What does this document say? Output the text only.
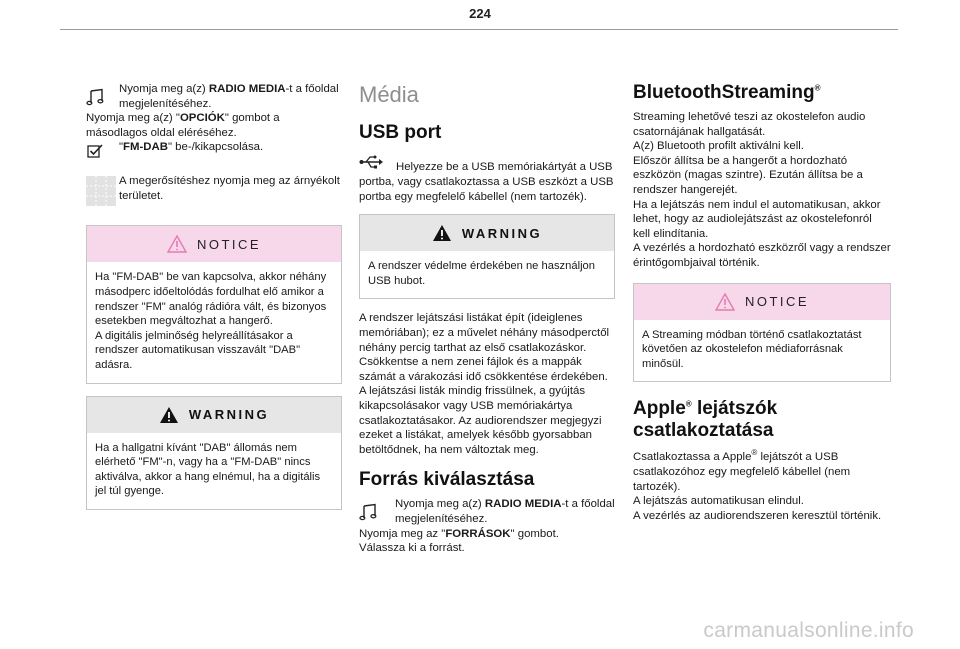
224
Nyomja meg a(z) RADIO MEDIA-t a főoldal megjelenítéséhez.
Nyomja meg a(z) "OPCIÓK" gombot a másodlagos oldal eléréséhez.
"FM-DAB" be-/kikapcsolása.
A megerősítéshez nyomja meg az árnyékolt területet.
NOTICE
Ha "FM-DAB" be van kapcsolva, akkor néhány másodperc időeltolódás fordulhat elő amikor a rendszer "FM" analóg rádióra vált, és bizonyos esetekben megváltozhat a hangerő.
A digitális jelminőség helyreállításakor a rendszer automatikusan visszavált "DAB" adásra.
WARNING
Ha a hallgatni kívánt "DAB" állomás nem elérhető "FM"-n, vagy ha a "FM-DAB" nincs aktiválva, akkor a hang elnémul, ha a digitális jel túl gyenge.
Média
USB port
Helyezze be a USB memóriakártyát a USB portba, vagy csatlakoztassa a USB eszközt a USB portba egy megfelelő kábellel (nem tartozék).
WARNING
A rendszer védelme érdekében ne használjon USB hubot.
A rendszer lejátszási listákat épít (ideiglenes memóriában); ez a művelet néhány másodperctől néhány percig tarthat az első csatlakozáskor.
Csökkentse a nem zenei fájlok és a mappák számát a várakozási idő csökkentése érdekében.
A lejátszási listák mindig frissülnek, a gyújtás kikapcsolásakor vagy USB memóriakártya csatlakoztatásakor. Az audiorendszer megjegyzi ezeket a listákat, amelyek később gyorsabban betöltődnek, ha nem változtak meg.
Forrás kiválasztása
Nyomja meg a(z) RADIO MEDIA-t a főoldal megjelenítéséhez.
Nyomja meg az "FORRÁSOK" gombot.
Válassza ki a forrást.
BluetoothStreaming®
Streaming lehetővé teszi az okostelefon audio csatornájának hallgatását.
A(z) Bluetooth profilt aktiválni kell.
Először állítsa be a hangerőt a hordozható eszközön (magas szintre). Ezután állítsa be a rendszer hangerejét.
Ha a lejátszás nem indul el automatikusan, akkor lehet, hogy az audiolejátszást az okostelefonról kell elindítania.
A vezérlés a hordozható eszközről vagy a rendszer érintőgombjaival történik.
NOTICE
A Streaming módban történő csatlakoztatást követően az okostelefon médiaforrásnak minősül.
Apple® lejátszók csatlakoztatása
Csatlakoztassa a Apple® lejátszót a USB csatlakozóhoz egy megfelelő kábellel (nem tartozék).
A lejátszás automatikusan elindul.
A vezérlés az audiorendszeren keresztül történik.
carmanualsonline.info
